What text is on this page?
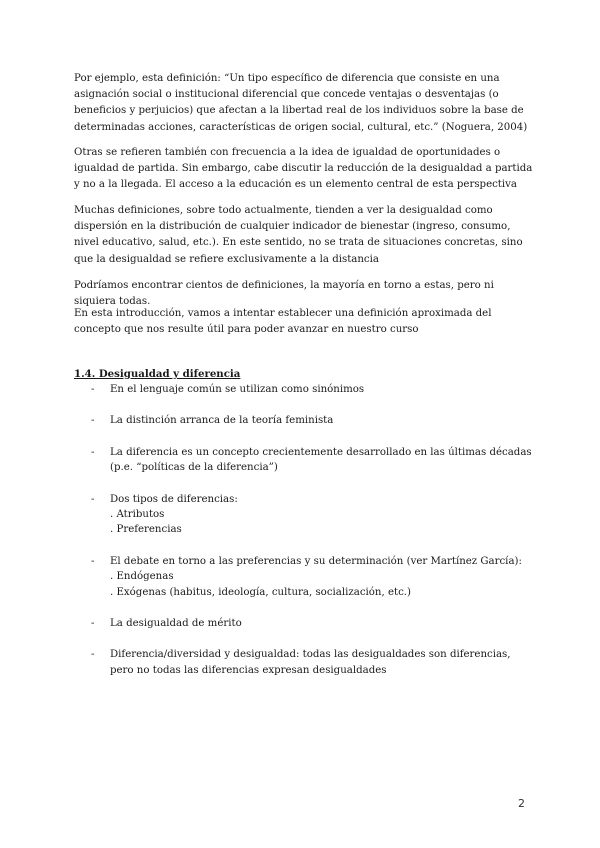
Por ejemplo, esta definición: “Un tipo específico de diferencia que consiste en una asignación social o institucional diferencial que concede ventajas o desventajas (o beneficios y perjuicios) que afectan a la libertad real de los individuos sobre la base de determinadas acciones, características de origen social, cultural, etc.” (Noguera, 2004)

Otras se refieren también con frecuencia a la idea de igualdad de oportunidades o igualdad de partida. Sin embargo, cabe discutir la reducción de la desigualdad a partida y no a la llegada. El acceso a la educación es un elemento central de esta perspectiva

Muchas definiciones, sobre todo actualmente, tienden a ver la desigualdad como dispersión en la distribución de cualquier indicador de bienestar (ingreso, consumo, nivel educativo, salud, etc.). En este sentido, no se trata de situaciones concretas, sino que la desigualdad se refiere exclusivamente a la distancia

Podríamos encontrar cientos de definiciones, la mayoría en torno a estas, pero ni siquiera todas.

En esta introducción, vamos a intentar establecer una definición aproximada del concepto que nos resulte útil para poder avanzar en nuestro curso

1.4. Desigualdad y diferencia

- En el lenguaje común se utilizan como sinónimos
- La distinción arranca de la teoría feminista
- La diferencia es un concepto crecientemente desarrollado en las últimas décadas (p.e. “políticas de la diferencia”)
- Dos tipos de diferencias:
. Atributos
. Preferencias
- El debate en torno a las preferencias y su determinación (ver Martínez García):
. Endógenas
. Exógenas (habitus, ideología, cultura, socialización, etc.)
- La desigualdad de mérito
- Diferencia/diversidad y desigualdad: todas las desigualdades son diferencias, pero no todas las diferencias expresan desigualdades
2
